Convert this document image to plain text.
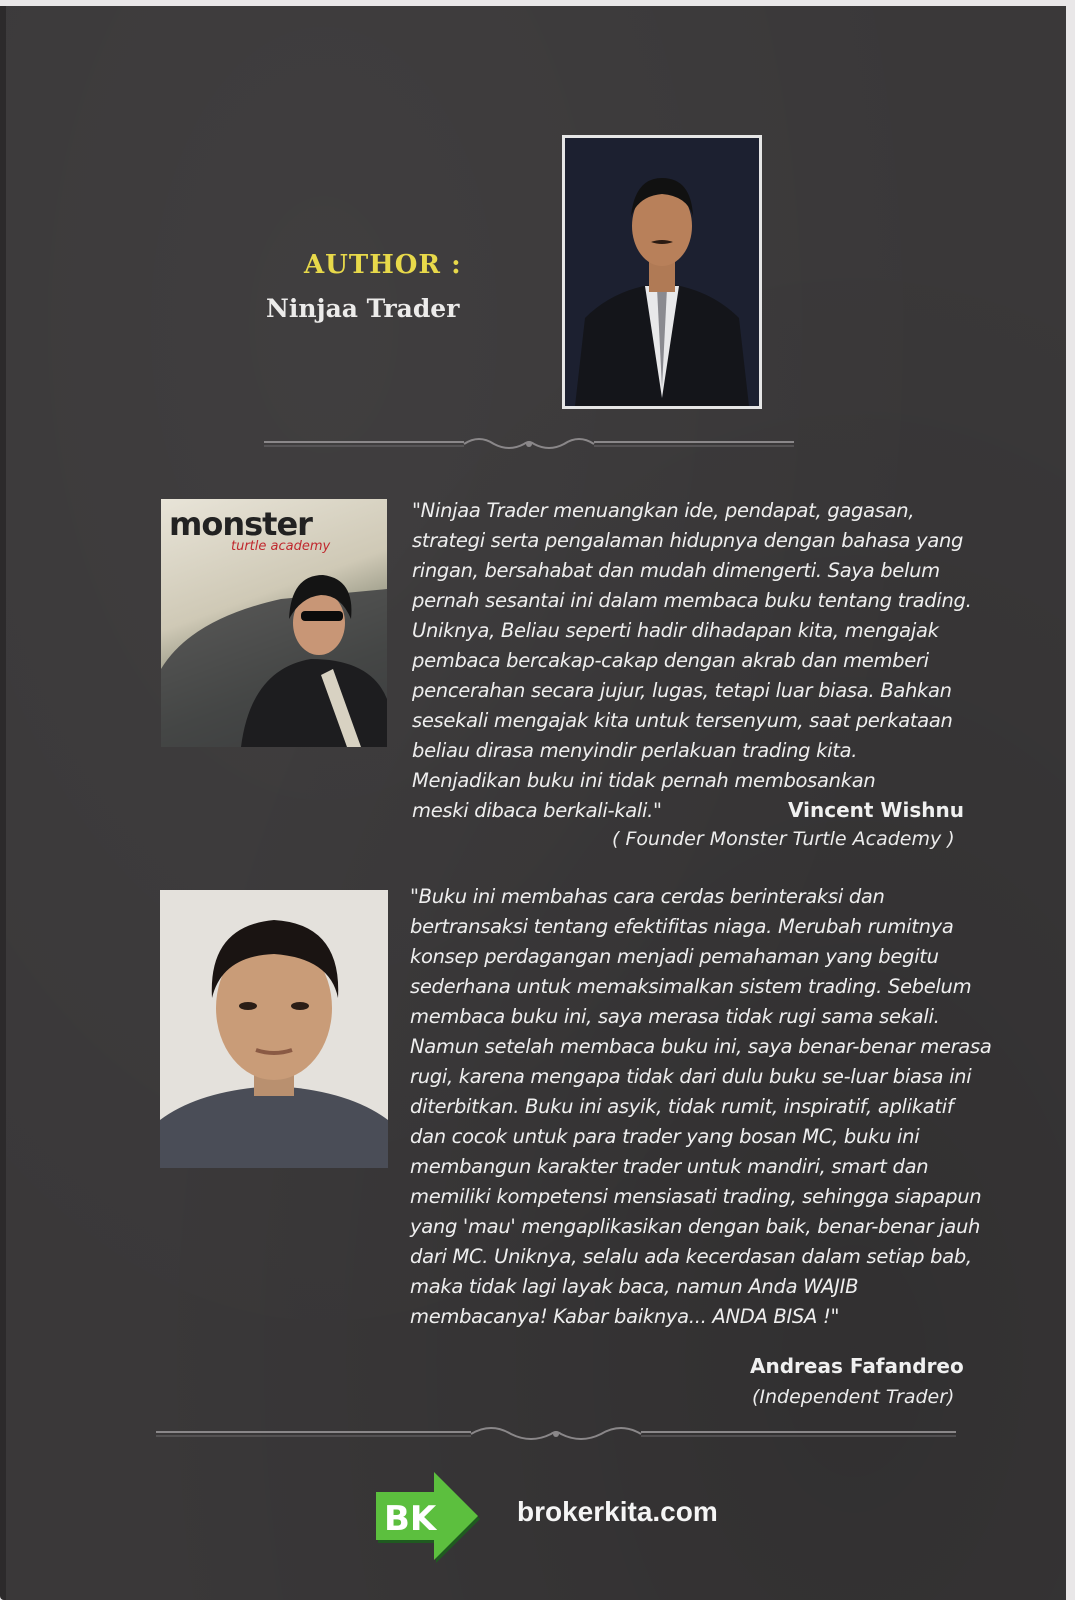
AUTHOR :
Ninjaa Trader
monster
turtle academy

"Ninjaa Trader menuangkan ide, pendapat, gagasan,

strategi serta pengalaman hidupnya dengan bahasa yang

ringan, bersahabat dan mudah dimengerti. Saya belum

pernah sesantai ini dalam membaca buku tentang trading.

Uniknya, Beliau seperti hadir dihadapan kita, mengajak

pembaca bercakap-cakap dengan akrab dan memberi

pencerahan secara jujur, lugas, tetapi luar biasa. Bahkan

sesekali mengajak kita untuk tersenyum, saat perkataan

beliau dirasa menyindir perlakuan trading kita.

Menjadikan buku ini tidak pernah membosankan

meski dibaca berkali-kali."	Vincent Wishnu
( Founder Monster Turtle Academy )

"Buku ini membahas cara cerdas berinteraksi dan

bertransaksi tentang efektifitas niaga. Merubah rumitnya

konsep perdagangan menjadi pemahaman yang begitu

sederhana untuk memaksimalkan sistem trading. Sebelum

membaca buku ini, saya merasa tidak rugi sama sekali.

Namun setelah membaca buku ini, saya benar-benar merasa

rugi, karena mengapa tidak dari dulu buku se-luar biasa ini

diterbitkan. Buku ini asyik, tidak rumit, inspiratif, aplikatif

dan cocok untuk para trader yang bosan MC, buku ini

membangun karakter trader untuk mandiri, smart dan

memiliki kompetensi mensiasati trading, sehingga siapapun

yang 'mau' mengaplikasikan dengan baik, benar-benar jauh

dari MC. Uniknya, selalu ada kecerdasan dalam setiap bab,

maka tidak lagi layak baca, namun Anda WAJIB

membacanya! Kabar baiknya... ANDA BISA !"

Andreas Fafandreo
(Independent Trader)
BK	brokerkita.com
